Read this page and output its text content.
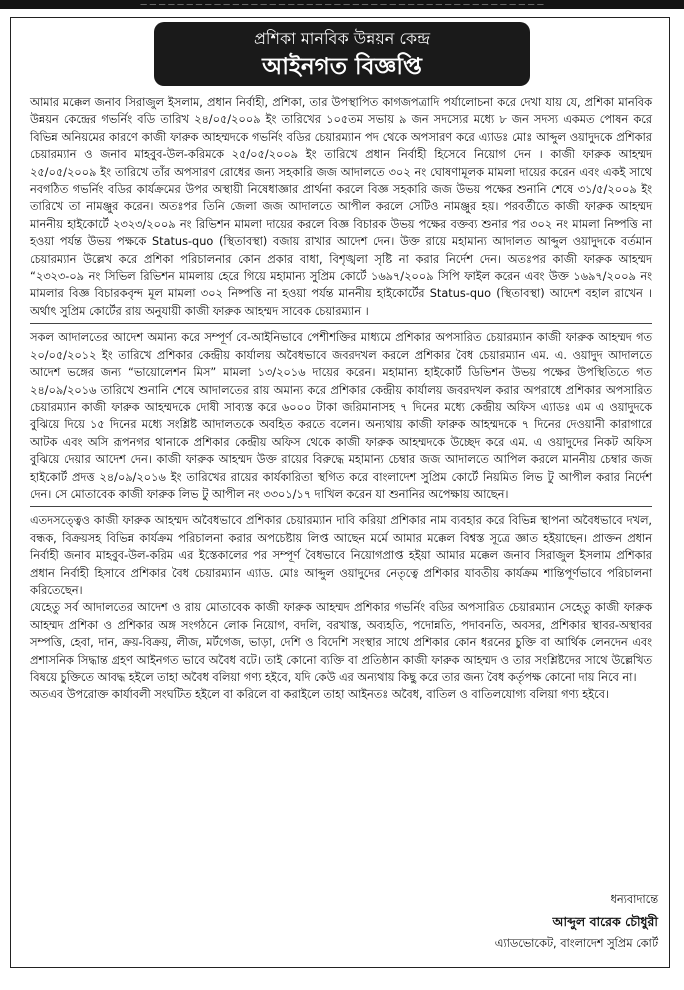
— — — — — — — — — — — — — — — — — — — — — — — — — — — — — — — — — — — — — — — — — — — —
প্রশিকা মানবিক উন্নয়ন কেন্দ্র
আইনগত বিজ্ঞপ্তি

আমার মক্কেল জনাব সিরাজুল ইসলাম, প্রধান নির্বাহী, প্রশিকা, তার উপস্থাপিত কাগজপত্রাদি পর্যালোচনা করে দেখা যায় যে, প্রশিকা মানবিক উন্নয়ন কেন্দ্রের গভর্নিং বডি তারিখ ২৪/০৫/২০০৯ ইং তারিখের ১০৫তম সভায় ৯ জন সদস্যের মধ্যে ৮ জন সদস্য একমত পোষন করে বিভিন্ন অনিয়মের কারণে কাজী ফারুক আহম্মদকে গভর্নিং বডির চেয়ারম্যান পদ থেকে অপসারণ করে এ্যাডঃ মোঃ আব্দুল ওয়াদুদকে প্রশিকার চেয়ারম্যান ও জনাব মাহবুব-উল-করিমকে ২৫/০৫/২০০৯ ইং তারিখে প্রধান নির্বাহী হিসেবে নিয়োগ দেন । কাজী ফারুক আহম্মদ ২৫/০৫/২০০৯ ইং তারিখে তাঁর অপসারণ রোধের জন্য সহকারি জজ আদালতে ৩০২ নং ঘোষণামূলক মামলা দায়ের করেন এবং একই সাথে নবগঠিত গভর্নিং বডির কার্যক্রমের উপর অস্থায়ী নিষেধাজ্ঞার প্রার্থনা করলে বিজ্ঞ সহকারি জজ উভয় পক্ষের শুনানি শেষে ৩১/৫/২০০৯ ইং তারিখে তা নামঞ্জুর করেন। অতঃপর তিনি জেলা জজ আদালতে আপীল করলে সেটিও নামঞ্জুর হয়। পরবর্তীতে কাজী ফারুক আহম্মদ মাননীয় হাইকোর্টে ২৩২৩/২০০৯ নং রিভিশন মামলা দায়ের করলে বিজ্ঞ বিচারক উভয় পক্ষের বক্তব্য শুনার পর ৩০২ নং মামলা নিষ্পত্তি না হওয়া পর্যন্ত উভয় পক্ষকে Status-quo (স্থিতাবস্থা) বজায় রাখার আদেশ দেন। উক্ত রায়ে মহামান্য আদালত আব্দুল ওয়াদুদকে বর্তমান চেয়ারম্যান উল্লেখ করে প্রশিকা পরিচালনার কোন প্রকার বাধা, বিশৃঙ্খলা সৃষ্টি না করার নির্দেশ দেন। অতঃপর কাজী ফারুক আহম্মদ “২৩২৩-০৯ নং সিভিল রিভিশন মামলায় হেরে গিয়ে মহামান্য সুপ্রিম কোর্টে ১৬৯৭/২০০৯ সিপি ফাইল করেন এবং উক্ত ১৬৯৭/২০০৯ নং মামলার বিজ্ঞ বিচারকবৃন্দ মূল মামলা ৩০২ নিষ্পত্তি না হওয়া পর্যন্ত মাননীয় হাইকোর্টের Status-quo (স্থিতাবস্থা) আদেশ বহাল রাখেন । অর্থাৎ সুপ্রিম কোর্টের রায় অনুযায়ী কাজী ফারুক আহম্মদ সাবেক চেয়ারম্যান ।

সকল আদালতের আদেশ অমান্য করে সম্পূর্ণ বে-আইনিভাবে পেশীশক্তির মাধ্যমে প্রশিকার অপসারিত চেয়ারম্যান কাজী ফারুক আহম্মদ গত ২০/০৫/২০১২ ইং তারিখে প্রশিকার কেন্দ্রীয় কার্যালয় অবৈধভাবে জবরদখল করলে প্রশিকার বৈধ চেয়ারম্যান এম. এ. ওয়াদুদ আদালতে আদেশ ভঙ্গের জন্য “ভায়োলেশন মিস” মামলা ১৩/২০১৬ দায়ের করেন। মহামান্য হাইকোর্ট ডিভিশন উভয় পক্ষের উপস্থিতিতে গত ২৪/০৯/২০১৬ তারিখে শুনানি শেষে আদালতের রায় অমান্য করে প্রশিকার কেন্দ্রীয় কার্যালয় জবরদখল করার অপরাধে প্রশিকার অপসারিত চেয়ারম্যান কাজী ফারুক আহম্মদকে দোষী সাব্যস্ত করে ৬০০০ টাকা জরিমানাসহ ৭ দিনের মধ্যে কেন্দ্রীয় অফিস এ্যাডঃ এম এ ওয়াদুদকে বুঝিয়ে দিয়ে ১৫ দিনের মধ্যে সংশ্লিষ্ট আদালতকে অবহিত করতে বলেন। অন্যথায় কাজী ফারুক আহম্মদকে ৭ দিনের দেওয়ানী কারাগারে আটক এবং অসি রূপনগর থানাকে প্রশিকার কেন্দ্রীয় অফিস থেকে কাজী ফারুক আহম্মদকে উচ্ছেদ করে এম. এ ওয়াদুদের নিকট অফিস বুঝিয়ে দেয়ার আদেশ দেন। কাজী ফারুক আহম্মদ উক্ত রায়ের বিরুদ্ধে মহামান্য চেম্বার জজ আদালতে আপিল করলে মাননীয় চেম্বার জজ হাইকোর্ট প্রদত্ত ২৪/০৯/২০১৬ ইং তারিখের রায়ের কার্যকারিতা স্থগিত করে বাংলাদেশ সুপ্রিম কোর্টে নিয়মিত লিভ টু আপীল করার নির্দেশ দেন। সে মোতাবেক কাজী ফারুক লিভ টু আপীল নং ৩৩০১/১৭ দাখিল করেন যা শুনানির অপেক্ষায় আছেন।

এতদসত্ত্বেও কাজী ফারুক আহম্মদ অবৈধভাবে প্রশিকার চেয়ারম্যান দাবি করিয়া প্রশিকার নাম ব্যবহার করে বিভিন্ন স্থাপনা অবৈধভাবে দখল, বন্ধক, বিক্রয়সহ বিভিন্ন কার্যক্রম পরিচালনা করার অপচেষ্টায় লিপ্ত আছেন মর্মে আমার মক্কেল বিশ্বস্ত সূত্রে জ্ঞাত হইয়াছেন। প্রাক্তন প্রধান নির্বাহী জনাব মাহবুব-উল-করিম এর ইস্তেকালের পর সম্পূর্ণ বৈধভাবে নিয়োগপ্রাপ্ত হইয়া আমার মক্কেল জনাব সিরাজুল ইসলাম প্রশিকার প্রধান নির্বাহী হিসাবে প্রশিকার বৈধ চেয়ারম্যান এ্যাড. মোঃ আব্দুল ওয়াদুদের নেতৃত্বে প্রশিকার যাবতীয় কার্যক্রম শান্তিপূর্ণভাবে পরিচালনা করিতেছেন।

যেহেতু সর্ব আদালতের আদেশ ও রায় মোতাবেক কাজী ফারুক আহম্মদ প্রশিকার গভর্নিং বডির অপসারিত চেয়ারম্যান সেহেতু কাজী ফারুক আহম্মদ প্রশিকা ও প্রশিকার অঙ্গ সংগঠনে লোক নিয়োগ, বদলি, বরখাস্ত, অব্যহতি, পদোন্নতি, পদাবনতি, অবসর, প্রশিকার স্থাবর-অস্থাবর সম্পত্তি, হেবা, দান, ক্রয়-বিক্রয়, লীজ, মর্টগেজ, ভাড়া, দেশি ও বিদেশি সংস্থার সাথে প্রশিকার কোন ধরনের চুক্তি বা আর্থিক লেনদেন এবং প্রশাসনিক সিদ্ধান্ত গ্রহণ আইনগত ভাবে অবৈধ বটে। তাই কোনো ব্যক্তি বা প্রতিষ্ঠান কাজী ফারুক আহম্মদ ও তার সংশ্লিষ্টদের সাথে উল্লেখিত বিষয়ে চুক্তিতে আবদ্ধ হইলে তাহা অবৈধ বলিয়া গণ্য হইবে, যদি কেউ এর অন্যথায় কিছু করে তার জন্য বৈধ কর্তৃপক্ষ কোনো দায় নিবে না।

অতএব উপরোক্ত কার্যাবলী সংঘটিত হইলে বা করিলে বা করাইলে তাহা আইনতঃ অবৈধ, বাতিল ও বাতিলযোগ্য বলিয়া গণ্য হইবে।

ধন্যবাদান্তে
আব্দুল বারেক চৌধুরী
এ্যাডভোকেট, বাংলাদেশ সুপ্রিম কোর্ট
